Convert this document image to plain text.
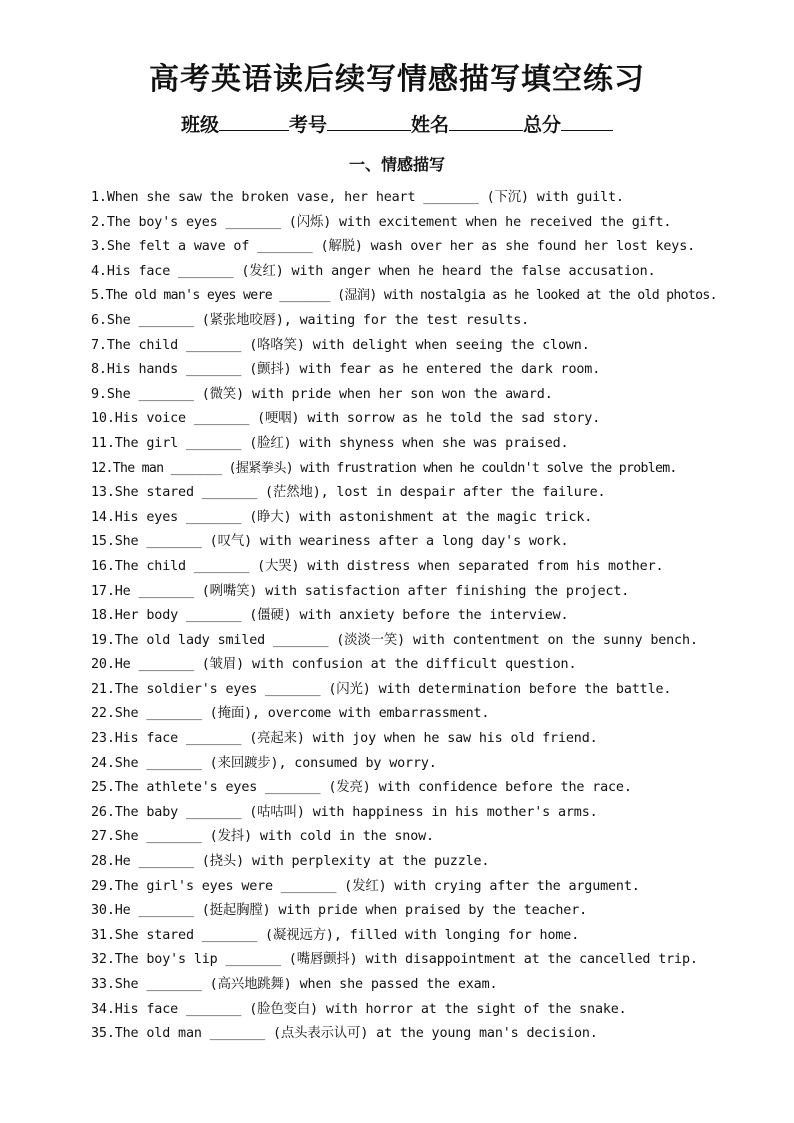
高考英语读后续写情感描写填空练习
班级	考号	姓名	总分
一、情感描写
1.When she saw the broken vase, her heart _______ (下沉) with guilt.
2.The boy's eyes _______ (闪烁) with excitement when he received the gift.
3.She felt a wave of _______ (解脱) wash over her as she found her lost keys.
4.His face _______ (发红) with anger when he heard the false accusation.
5.The old man's eyes were _______ (湿润) with nostalgia as he looked at the old photos.
6.She _______ (紧张地咬唇), waiting for the test results.
7.The child _______ (咯咯笑) with delight when seeing the clown.
8.His hands _______ (颤抖) with fear as he entered the dark room.
9.She _______ (微笑) with pride when her son won the award.
10.His voice _______ (哽咽) with sorrow as he told the sad story.
11.The girl _______ (脸红) with shyness when she was praised.
12.The man _______ (握紧拳头) with frustration when he couldn't solve the problem.
13.She stared _______ (茫然地), lost in despair after the failure.
14.His eyes _______ (睁大) with astonishment at the magic trick.
15.She _______ (叹气) with weariness after a long day's work.
16.The child _______ (大哭) with distress when separated from his mother.
17.He _______ (咧嘴笑) with satisfaction after finishing the project.
18.Her body _______ (僵硬) with anxiety before the interview.
19.The old lady smiled _______ (淡淡一笑) with contentment on the sunny bench.
20.He _______ (皱眉) with confusion at the difficult question.
21.The soldier's eyes _______ (闪光) with determination before the battle.
22.She _______ (掩面), overcome with embarrassment.
23.His face _______ (亮起来) with joy when he saw his old friend.
24.She _______ (来回踱步), consumed by worry.
25.The athlete's eyes _______ (发亮) with confidence before the race.
26.The baby _______ (咕咕叫) with happiness in his mother's arms.
27.She _______ (发抖) with cold in the snow.
28.He _______ (挠头) with perplexity at the puzzle.
29.The girl's eyes were _______ (发红) with crying after the argument.
30.He _______ (挺起胸膛) with pride when praised by the teacher.
31.She stared _______ (凝视远方), filled with longing for home.
32.The boy's lip _______ (嘴唇颤抖) with disappointment at the cancelled trip.
33.She _______ (高兴地跳舞) when she passed the exam.
34.His face _______ (脸色变白) with horror at the sight of the snake.
35.The old man _______ (点头表示认可) at the young man's decision.
